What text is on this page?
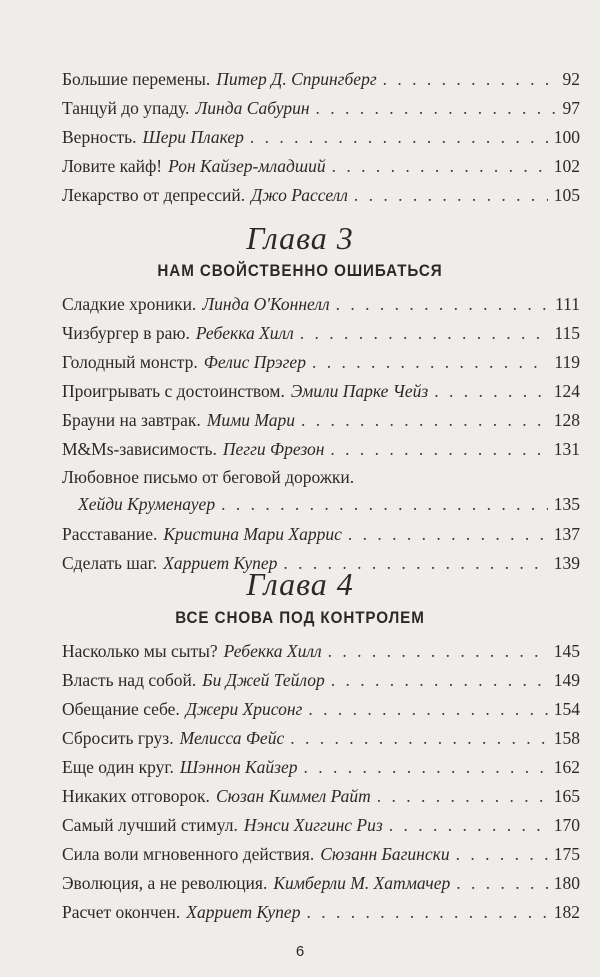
Большие перемены. Питер Д. Спрингберг . . .	92
Танцуй до упаду. Линда Сабурин . . .	97
Верность. Шери Плакер . . .	100
Ловите кайф! Рон Кайзер-младший . . .	102
Лекарство от депрессий. Джо Расселл . . .	105
Глава 3
НАМ СВОЙСТВЕННО ОШИБАТЬСЯ
Сладкие хроники. Линда О'Коннелл . . .	111
Чизбургер в раю. Ребекка Хилл . . .	115
Голодный монстр. Фелис Прэгер . . .	119
Проигрывать с достоинством. Эмили Парке Чейз . . .	124
Брауни на завтрак. Мими Мари . . .	128
M&Ms-зависимость. Пегги Фрезон . . .	131
Любовное письмо от беговой дорожки.
Хейди Круменауер . . .	135
Расставание. Кристина Мари Харрис . . .	137
Сделать шаг. Харриет Купер . . .	139
Глава 4
ВСЕ СНОВА ПОД КОНТРОЛЕМ
Насколько мы сыты? Ребекка Хилл . . .	145
Власть над собой. Би Джей Тейлор . . .	149
Обещание себе. Джери Хрисонг . . .	154
Сбросить груз. Мелисса Фейс . . .	158
Еще один круг. Шэннон Кайзер . . .	162
Никаких отговорок. Сюзан Киммел Райт . . .	165
Самый лучший стимул. Нэнси Хиггинс Риз . . .	170
Сила воли мгновенного действия. Сюзанн Багински . . .	175
Эволюция, а не революция. Кимберли М. Хатмачер . . .	180
Расчет окончен. Харриет Купер . . .	182
6
